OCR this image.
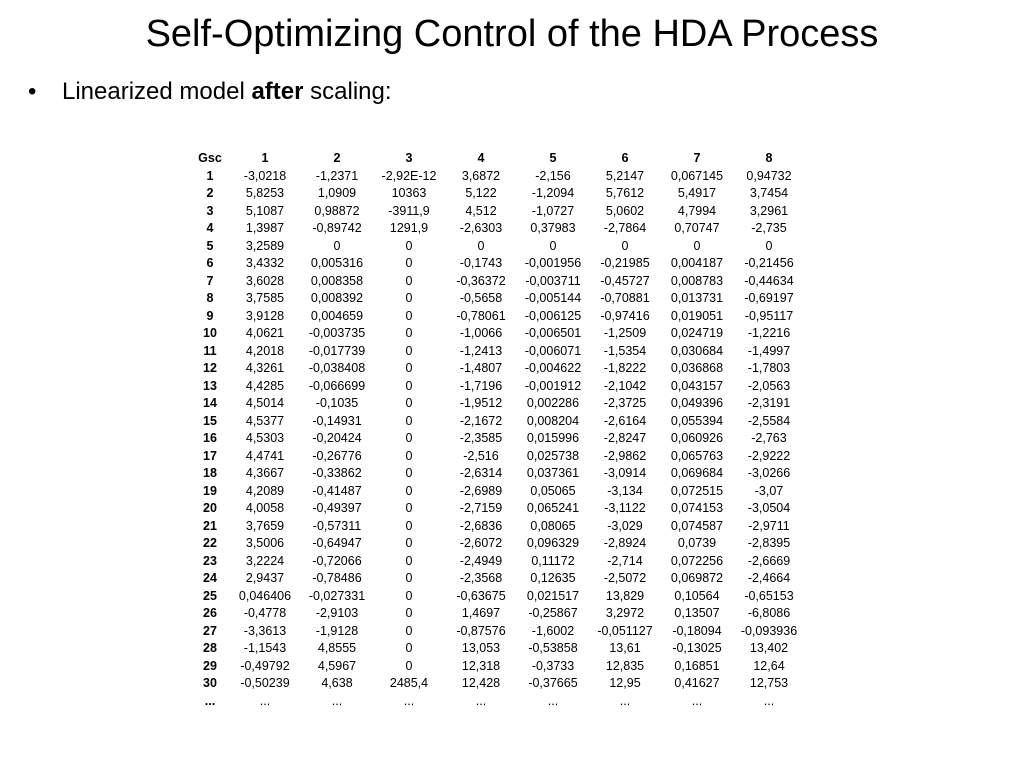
Self-Optimizing Control of the HDA Process
•	Linearized model after scaling:
Gsc	1	2	3	4	5	6	7	8
1	-3,0218	-1,2371	-2,92E-12	3,6872	-2,156	5,2147	0,067145	0,94732
2	5,8253	1,0909	10363	5,122	-1,2094	5,7612	5,4917	3,7454
3	5,1087	0,98872	-3911,9	4,512	-1,0727	5,0602	4,7994	3,2961
4	1,3987	-0,89742	1291,9	-2,6303	0,37983	-2,7864	0,70747	-2,735
5	3,2589	0	0	0	0	0	0	0
6	3,4332	0,005316	0	-0,1743	-0,001956	-0,21985	0,004187	-0,21456
7	3,6028	0,008358	0	-0,36372	-0,003711	-0,45727	0,008783	-0,44634
8	3,7585	0,008392	0	-0,5658	-0,005144	-0,70881	0,013731	-0,69197
9	3,9128	0,004659	0	-0,78061	-0,006125	-0,97416	0,019051	-0,95117
10	4,0621	-0,003735	0	-1,0066	-0,006501	-1,2509	0,024719	-1,2216
11	4,2018	-0,017739	0	-1,2413	-0,006071	-1,5354	0,030684	-1,4997
12	4,3261	-0,038408	0	-1,4807	-0,004622	-1,8222	0,036868	-1,7803
13	4,4285	-0,066699	0	-1,7196	-0,001912	-2,1042	0,043157	-2,0563
14	4,5014	-0,1035	0	-1,9512	0,002286	-2,3725	0,049396	-2,3191
15	4,5377	-0,14931	0	-2,1672	0,008204	-2,6164	0,055394	-2,5584
16	4,5303	-0,20424	0	-2,3585	0,015996	-2,8247	0,060926	-2,763
17	4,4741	-0,26776	0	-2,516	0,025738	-2,9862	0,065763	-2,9222
18	4,3667	-0,33862	0	-2,6314	0,037361	-3,0914	0,069684	-3,0266
19	4,2089	-0,41487	0	-2,6989	0,05065	-3,134	0,072515	-3,07
20	4,0058	-0,49397	0	-2,7159	0,065241	-3,1122	0,074153	-3,0504
21	3,7659	-0,57311	0	-2,6836	0,08065	-3,029	0,074587	-2,9711
22	3,5006	-0,64947	0	-2,6072	0,096329	-2,8924	0,0739	-2,8395
23	3,2224	-0,72066	0	-2,4949	0,11172	-2,714	0,072256	-2,6669
24	2,9437	-0,78486	0	-2,3568	0,12635	-2,5072	0,069872	-2,4664
25	0,046406	-0,027331	0	-0,63675	0,021517	13,829	0,10564	-0,65153
26	-0,4778	-2,9103	0	1,4697	-0,25867	3,2972	0,13507	-6,8086
27	-3,3613	-1,9128	0	-0,87576	-1,6002	-0,051127	-0,18094	-0,093936
28	-1,1543	4,8555	0	13,053	-0,53858	13,61	-0,13025	13,402
29	-0,49792	4,5967	0	12,318	-0,3733	12,835	0,16851	12,64
30	-0,50239	4,638	2485,4	12,428	-0,37665	12,95	0,41627	12,753
...	...	...	...	...	...	...	...	...
